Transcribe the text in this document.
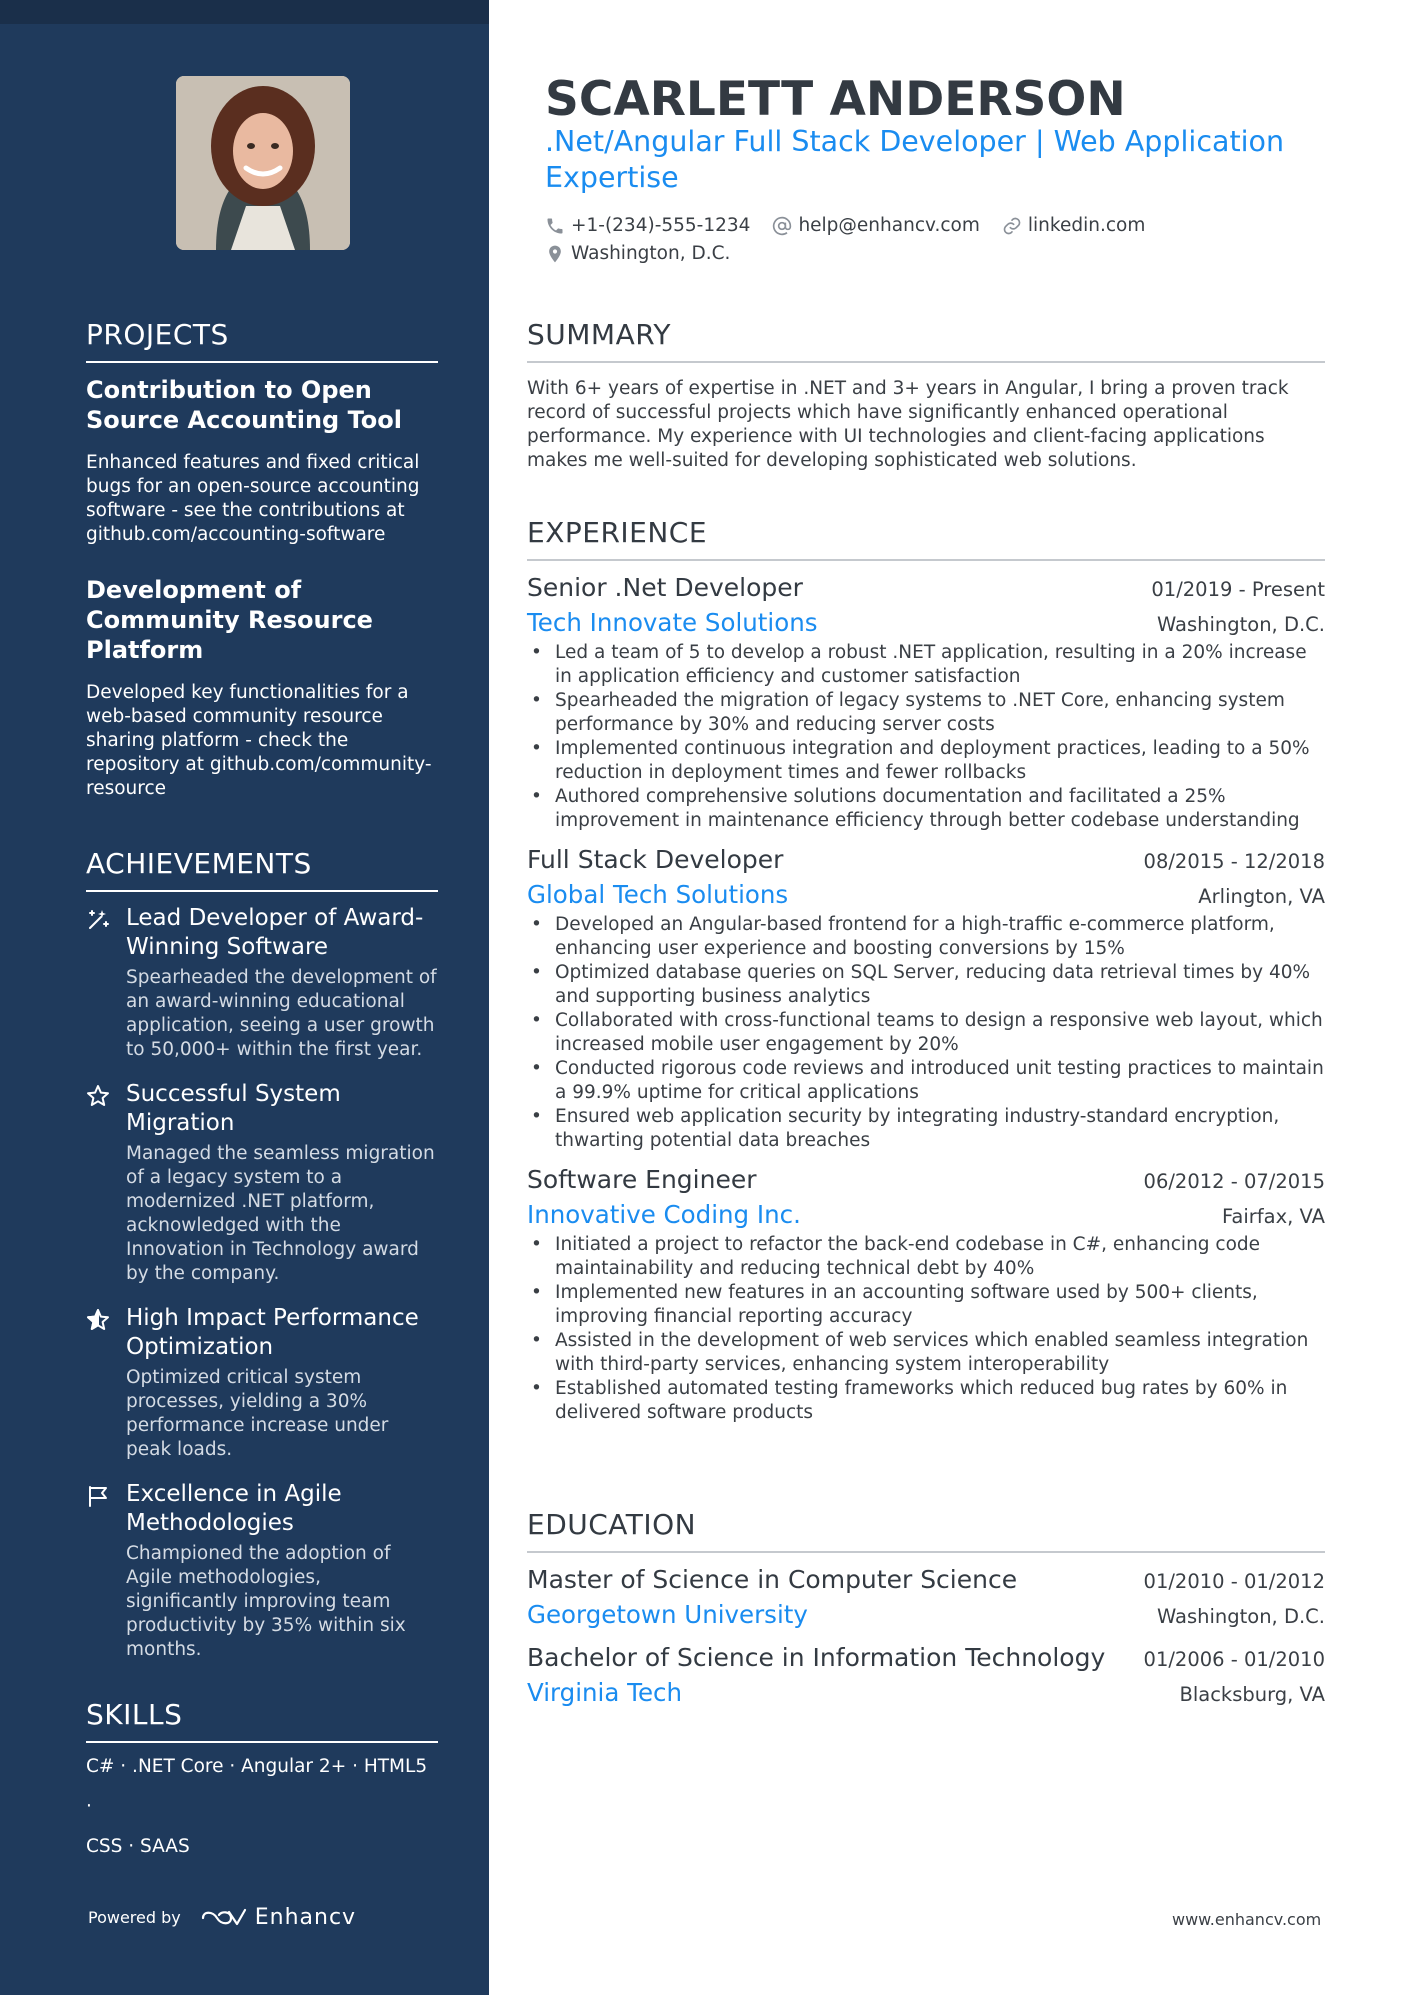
PROJECTS
Contribution to Open Source Accounting Tool
Enhanced features and fixed critical bugs for an open-source accounting software - see the contributions at github.com/accounting-software
Development of Community Resource Platform
Developed key functionalities for a web-based community resource sharing platform - check the repository at github.com/community-resource
ACHIEVEMENTS
Lead Developer of Award-Winning Software
Spearheaded the development of an award-winning educational application, seeing a user growth to 50,000+ within the first year.
Successful System Migration
Managed the seamless migration of a legacy system to a modernized .NET platform, acknowledged with the Innovation in Technology award by the company.
High Impact Performance Optimization
Optimized critical system processes, yielding a 30% performance increase under peak loads.
Excellence in Agile Methodologies
Championed the adoption of Agile methodologies, significantly improving team productivity by 35% within six months.
SKILLS
C# · .NET Core · Angular 2+ · HTML5 ·
CSS · SAAS
Powered by	Enhancv
SCARLETT ANDERSON
.Net/Angular Full Stack Developer | Web Application Expertise
+1-(234)-555-1234	help@enhancv.com	linkedin.com
Washington, D.C.
SUMMARY
With 6+ years of expertise in .NET and 3+ years in Angular, I bring a proven track record of successful projects which have significantly enhanced operational performance. My experience with UI technologies and client-facing applications makes me well-suited for developing sophisticated web solutions.
EXPERIENCE
Senior .Net Developer	01/2019 - Present
Tech Innovate Solutions	Washington, D.C.
• Led a team of 5 to develop a robust .NET application, resulting in a 20% increase in application efficiency and customer satisfaction
• Spearheaded the migration of legacy systems to .NET Core, enhancing system performance by 30% and reducing server costs
• Implemented continuous integration and deployment practices, leading to a 50% reduction in deployment times and fewer rollbacks
• Authored comprehensive solutions documentation and facilitated a 25% improvement in maintenance efficiency through better codebase understanding
Full Stack Developer	08/2015 - 12/2018
Global Tech Solutions	Arlington, VA
• Developed an Angular-based frontend for a high-traffic e-commerce platform, enhancing user experience and boosting conversions by 15%
• Optimized database queries on SQL Server, reducing data retrieval times by 40% and supporting business analytics
• Collaborated with cross-functional teams to design a responsive web layout, which increased mobile user engagement by 20%
• Conducted rigorous code reviews and introduced unit testing practices to maintain a 99.9% uptime for critical applications
• Ensured web application security by integrating industry-standard encryption, thwarting potential data breaches
Software Engineer	06/2012 - 07/2015
Innovative Coding Inc.	Fairfax, VA
• Initiated a project to refactor the back-end codebase in C#, enhancing code maintainability and reducing technical debt by 40%
• Implemented new features in an accounting software used by 500+ clients, improving financial reporting accuracy
• Assisted in the development of web services which enabled seamless integration with third-party services, enhancing system interoperability
• Established automated testing frameworks which reduced bug rates by 60% in delivered software products
EDUCATION
Master of Science in Computer Science	01/2010 - 01/2012
Georgetown University	Washington, D.C.
Bachelor of Science in Information Technology 01/2006 - 01/2010
Virginia Tech	Blacksburg, VA
www.enhancv.com
